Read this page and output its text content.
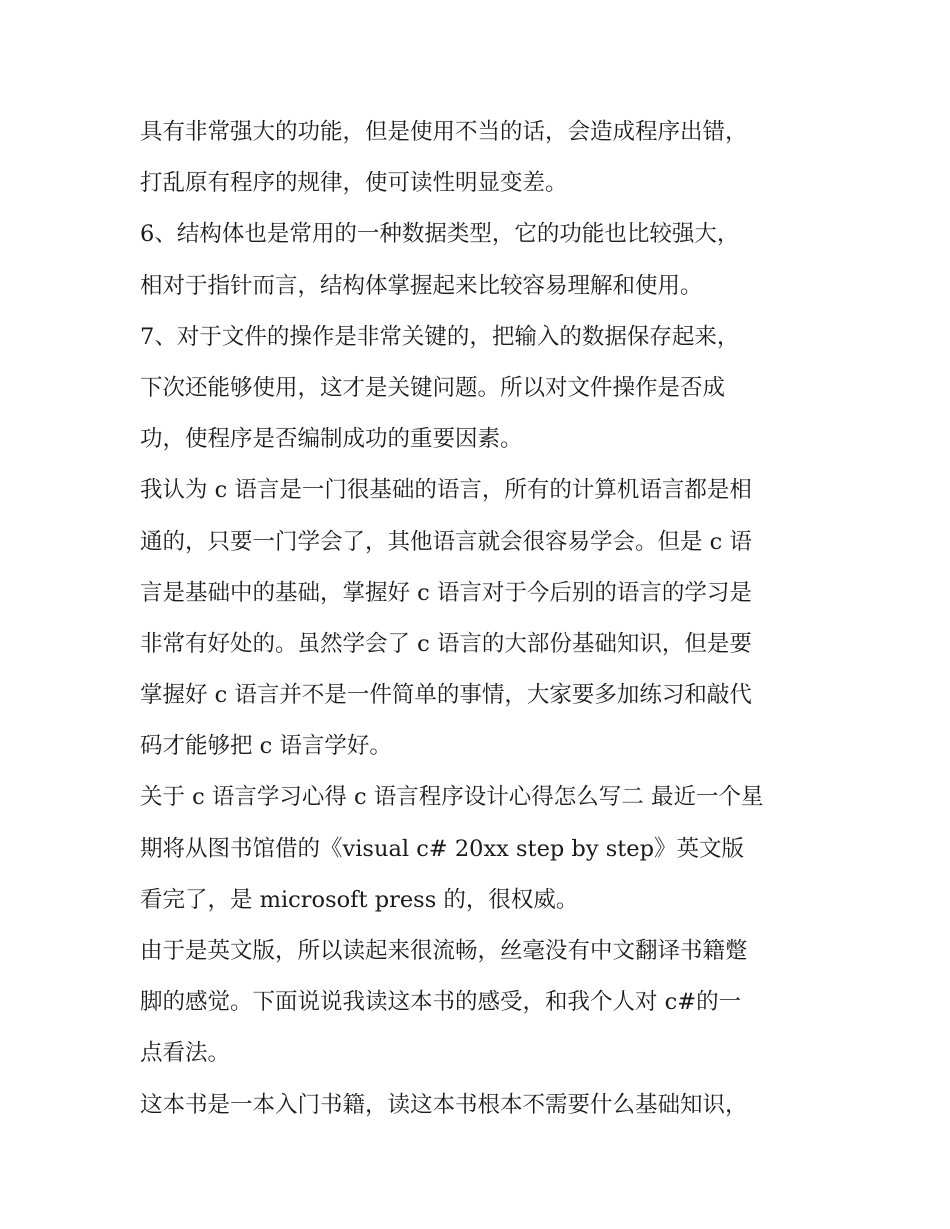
具有非常强大的功能，但是使用不当的话，会造成程序出错，
打乱原有程序的规律，使可读性明显变差。
6、结构体也是常用的一种数据类型，它的功能也比较强大，
相对于指针而言，结构体掌握起来比较容易理解和使用。
7、对于文件的操作是非常关键的，把输入的数据保存起来，
下次还能够使用，这才是关键问题。所以对文件操作是否成
功，使程序是否编制成功的重要因素。
我认为 c 语言是一门很基础的语言，所有的计算机语言都是相
通的，只要一门学会了，其他语言就会很容易学会。但是 c 语
言是基础中的基础，掌握好 c 语言对于今后别的语言的学习是
非常有好处的。虽然学会了 c 语言的大部份基础知识，但是要
掌握好 c 语言并不是一件简单的事情，大家要多加练习和敲代
码才能够把 c 语言学好。
关于 c 语言学习心得 c 语言程序设计心得怎么写二 最近一个星
期将从图书馆借的《visual c# 20xx step by step》英文版
看完了，是 microsoft press 的，很权威。
由于是英文版，所以读起来很流畅，丝毫没有中文翻译书籍蹩
脚的感觉。下面说说我读这本书的感受，和我个人对 c#的一
点看法。
这本书是一本入门书籍，读这本书根本不需要什么基础知识，
